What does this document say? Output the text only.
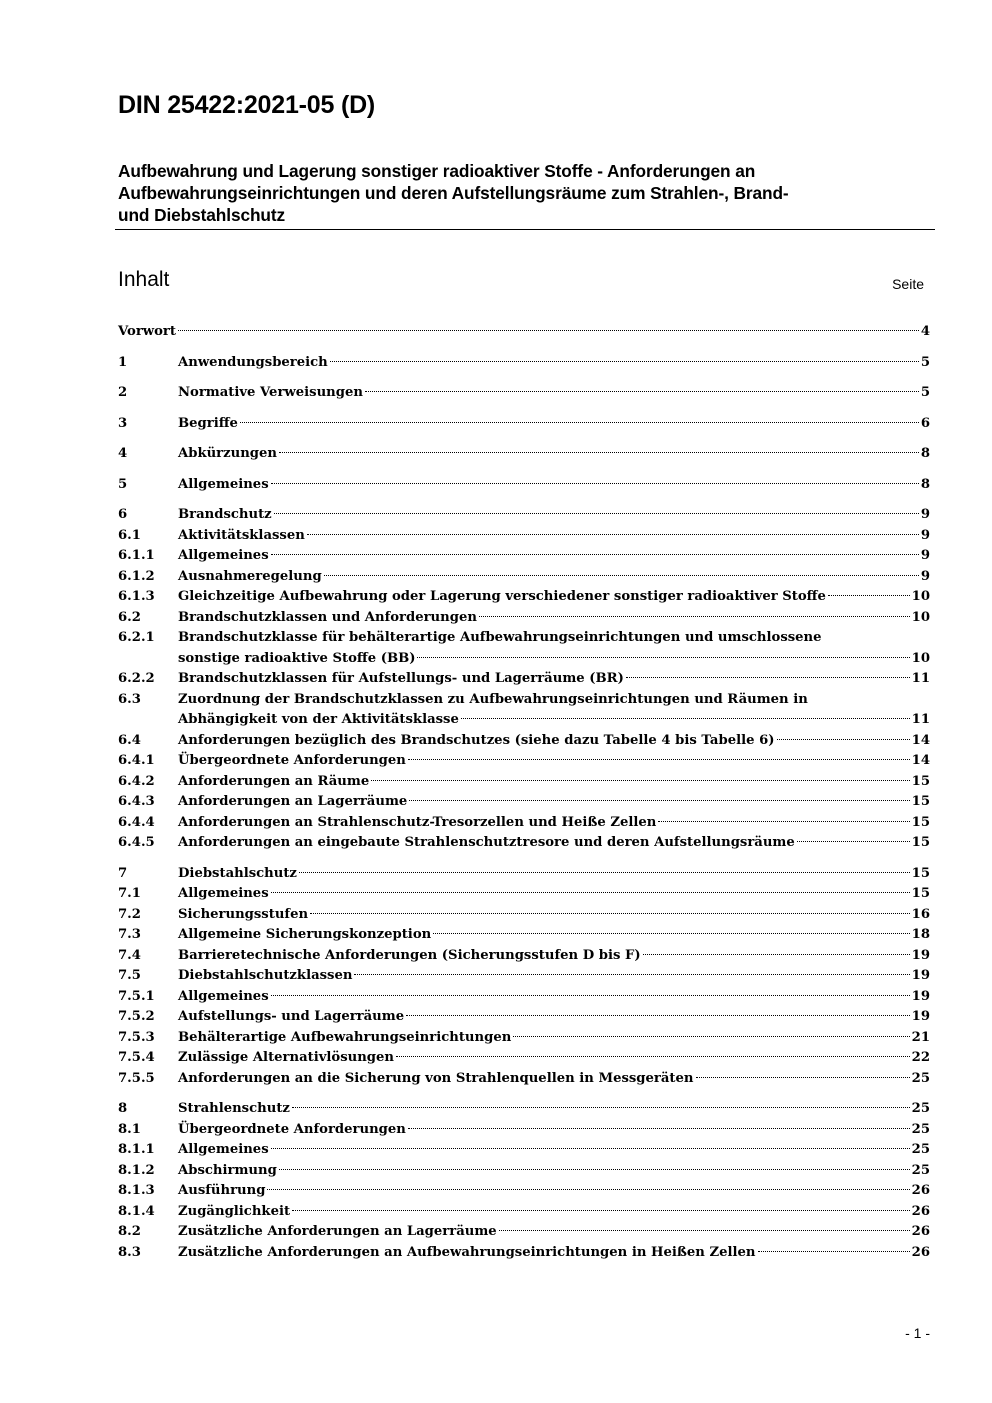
DIN 25422:2021-05 (D)
Aufbewahrung und Lagerung sonstiger radioaktiver Stoffe - Anforderungen an
Aufbewahrungseinrichtungen und deren Aufstellungsräume zum Strahlen-, Brand-
und Diebstahlschutz
Inhalt	Seite
Vorwort	4
1	Anwendungsbereich	5
2	Normative Verweisungen	5
3	Begriffe	6
4	Abkürzungen	8
5	Allgemeines	8
6	Brandschutz	9
6.1	Aktivitätsklassen	9
6.1.1	Allgemeines	9
6.1.2	Ausnahmeregelung	9
6.1.3	Gleichzeitige Aufbewahrung oder Lagerung verschiedener sonstiger radioaktiver Stoffe	10
6.2	Brandschutzklassen und Anforderungen	10
6.2.1	Brandschutzklasse für behälterartige Aufbewahrungseinrichtungen und umschlossene
sonstige radioaktive Stoffe (BB)	10
6.2.2	Brandschutzklassen für Aufstellungs- und Lagerräume (BR)	11
6.3	Zuordnung der Brandschutzklassen zu Aufbewahrungseinrichtungen und Räumen in
Abhängigkeit von der Aktivitätsklasse	11
6.4	Anforderungen bezüglich des Brandschutzes (siehe dazu Tabelle 4 bis Tabelle 6)	14
6.4.1	Übergeordnete Anforderungen	14
6.4.2	Anforderungen an Räume	15
6.4.3	Anforderungen an Lagerräume	15
6.4.4	Anforderungen an Strahlenschutz-Tresorzellen und Heiße Zellen	15
6.4.5	Anforderungen an eingebaute Strahlenschutztresore und deren Aufstellungsräume	15
7	Diebstahlschutz	15
7.1	Allgemeines	15
7.2	Sicherungsstufen	16
7.3	Allgemeine Sicherungskonzeption	18
7.4	Barrieretechnische Anforderungen (Sicherungsstufen D bis F)	19
7.5	Diebstahlschutzklassen	19
7.5.1	Allgemeines	19
7.5.2	Aufstellungs- und Lagerräume	19
7.5.3	Behälterartige Aufbewahrungseinrichtungen	21
7.5.4	Zulässige Alternativlösungen	22
7.5.5	Anforderungen an die Sicherung von Strahlenquellen in Messgeräten	25
8	Strahlenschutz	25
8.1	Übergeordnete Anforderungen	25
8.1.1	Allgemeines	25
8.1.2	Abschirmung	25
8.1.3	Ausführung	26
8.1.4	Zugänglichkeit	26
8.2	Zusätzliche Anforderungen an Lagerräume	26
8.3	Zusätzliche Anforderungen an Aufbewahrungseinrichtungen in Heißen Zellen	26
- 1 -
